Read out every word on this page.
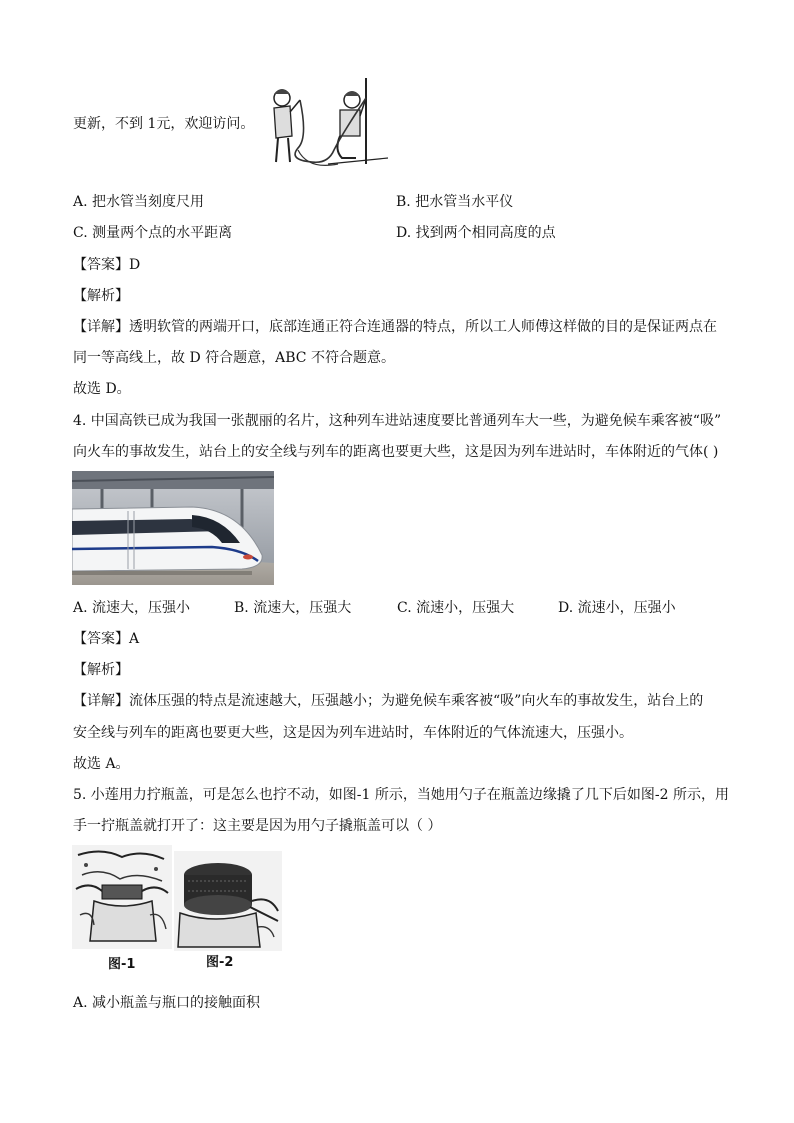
更新，不到 1元，欢迎访问。
A. 把水管当刻度尺用	B. 把水管当水平仪
C. 测量两个点的水平距离	D. 找到两个相同高度的点
【答案】D
【解析】
【详解】透明软管的两端开口，底部连通正符合连通器的特点，所以工人师傅这样做的目的是保证两点在
同一等高线上，故 D 符合题意，ABC 不符合题意。
故选 D。
4. 中国高铁已成为我国一张靓丽的名片，这种列车进站速度要比普通列车大一些，为避免候车乘客被“吸”
向火车的事故发生，站台上的安全线与列车的距离也要更大些，这是因为列车进站时，车体附近的气体( )
A. 流速大，压强小	B. 流速大，压强大	C. 流速小，压强大	D. 流速小，压强小
【答案】A
【解析】
【详解】流体压强的特点是流速越大，压强越小；为避免候车乘客被“吸”向火车的事故发生，站台上的
安全线与列车的距离也要更大些，这是因为列车进站时，车体附近的气体流速大，压强小。
故选 A。
5. 小莲用力拧瓶盖，可是怎么也拧不动，如图-1 所示，当她用勺子在瓶盖边缘撬了几下后如图-2 所示，用
手一拧瓶盖就打开了：这主要是因为用勺子撬瓶盖可以（ ）
图-1	图-2
A. 减小瓶盖与瓶口的接触面积
